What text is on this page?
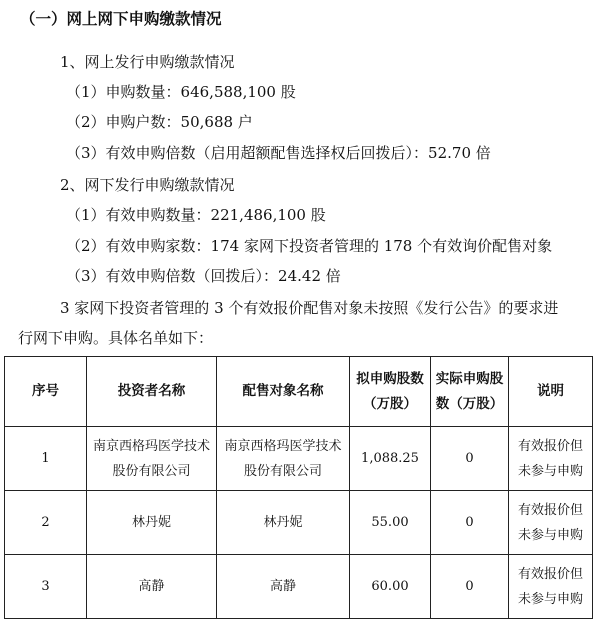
（一）网上网下申购缴款情况
1、网上发行申购缴款情况
（1）申购数量：646,588,100 股
（2）申购户数：50,688 户
（3）有效申购倍数（启用超额配售选择权后回拨后）：52.70 倍
2、网下发行申购缴款情况
（1）有效申购数量：221,486,100 股
（2）有效申购家数：174 家网下投资者管理的 178 个有效询价配售对象
（3）有效申购倍数（回拨后）：24.42 倍
3 家网下投资者管理的 3 个有效报价配售对象未按照《发行公告》的要求进
行网下申购。具体名单如下：
序号	投资者名称	配售对象名称	拟申购股数（万股）	实际申购股数（万股）	说明
1	南京西格玛医学技术股份有限公司	南京西格玛医学技术股份有限公司	1,088.25	0	有效报价但未参与申购
2	林丹妮	林丹妮	55.00	0	有效报价但未参与申购
3	高静	高静	60.00	0	有效报价但未参与申购
